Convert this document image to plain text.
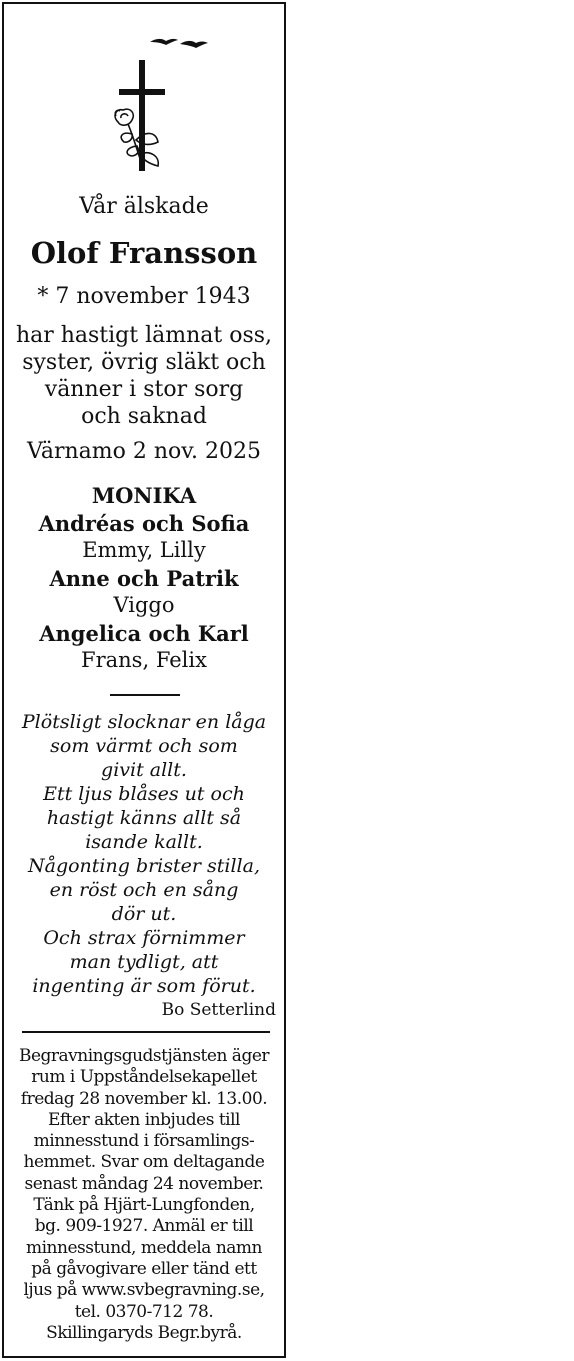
Vår älskade
Olof Fransson
* 7 november 1943
har hastigt lämnat oss,
syster, övrig släkt och
vänner i stor sorg
och saknad
Värnamo 2 nov. 2025
MONIKA
Andréas och Sofia
Emmy, Lilly
Anne och Patrik
Viggo
Angelica och Karl
Frans, Felix
Plötsligt slocknar en låga
som värmt och som
givit allt.
Ett ljus blåses ut och
hastigt känns allt så
isande kallt.
Någonting brister stilla,
en röst och en sång
dör ut.
Och strax förnimmer
man tydligt, att
ingenting är som förut.
Bo Setterlind
Begravningsgudstjänsten äger
rum i Uppståndelsekapellet
fredag 28 november kl. 13.00.
Efter akten inbjudes till
minnesstund i församlings-
hemmet. Svar om deltagande
senast måndag 24 november.
Tänk på Hjärt-Lungfonden,
bg. 909-1927. Anmäl er till
minnesstund, meddela namn
på gåvogivare eller tänd ett
ljus på www.svbegravning.se,
tel. 0370-712 78.
Skillingaryds Begr.byrå.
